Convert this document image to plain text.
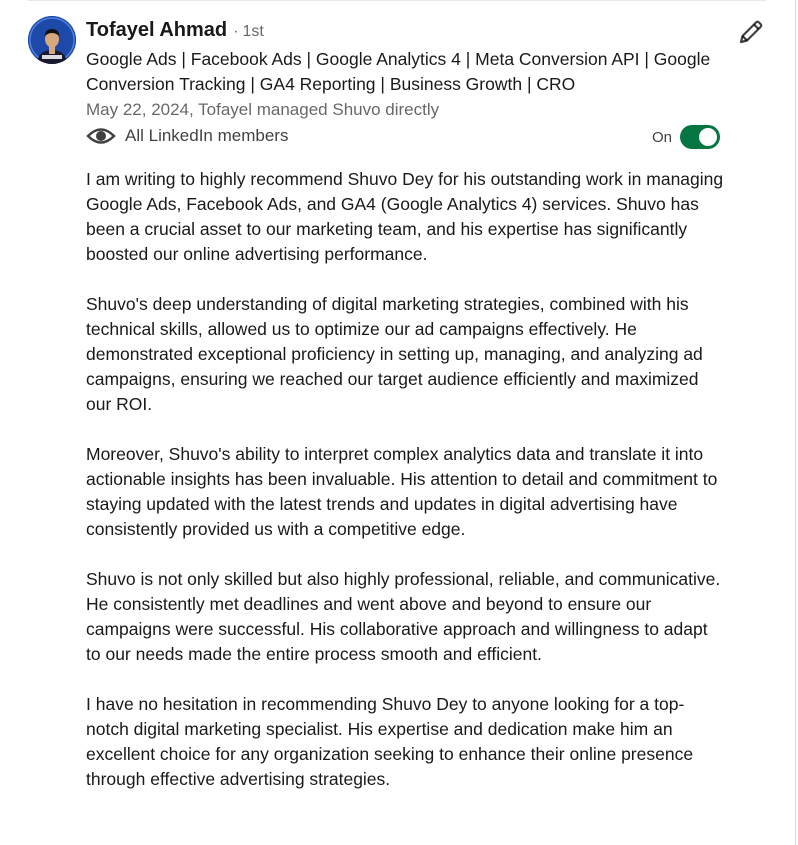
Tofayel Ahmad · 1st
Google Ads | Facebook Ads | Google Analytics 4 | Meta Conversion API | Google Conversion Tracking | GA4 Reporting | Business Growth | CRO
May 22, 2024, Tofayel managed Shuvo directly
All LinkedIn members	On

I am writing to highly recommend Shuvo Dey for his outstanding work in managing Google Ads, Facebook Ads, and GA4 (Google Analytics 4) services. Shuvo has been a crucial asset to our marketing team, and his expertise has significantly boosted our online advertising performance.

Shuvo's deep understanding of digital marketing strategies, combined with his technical skills, allowed us to optimize our ad campaigns effectively. He demonstrated exceptional proficiency in setting up, managing, and analyzing ad campaigns, ensuring we reached our target audience efficiently and maximized our ROI.

Moreover, Shuvo's ability to interpret complex analytics data and translate it into actionable insights has been invaluable. His attention to detail and commitment to staying updated with the latest trends and updates in digital advertising have consistently provided us with a competitive edge.

Shuvo is not only skilled but also highly professional, reliable, and communicative. He consistently met deadlines and went above and beyond to ensure our campaigns were successful. His collaborative approach and willingness to adapt to our needs made the entire process smooth and efficient.

I have no hesitation in recommending Shuvo Dey to anyone looking for a top-notch digital marketing specialist. His expertise and dedication make him an excellent choice for any organization seeking to enhance their online presence through effective advertising strategies.
